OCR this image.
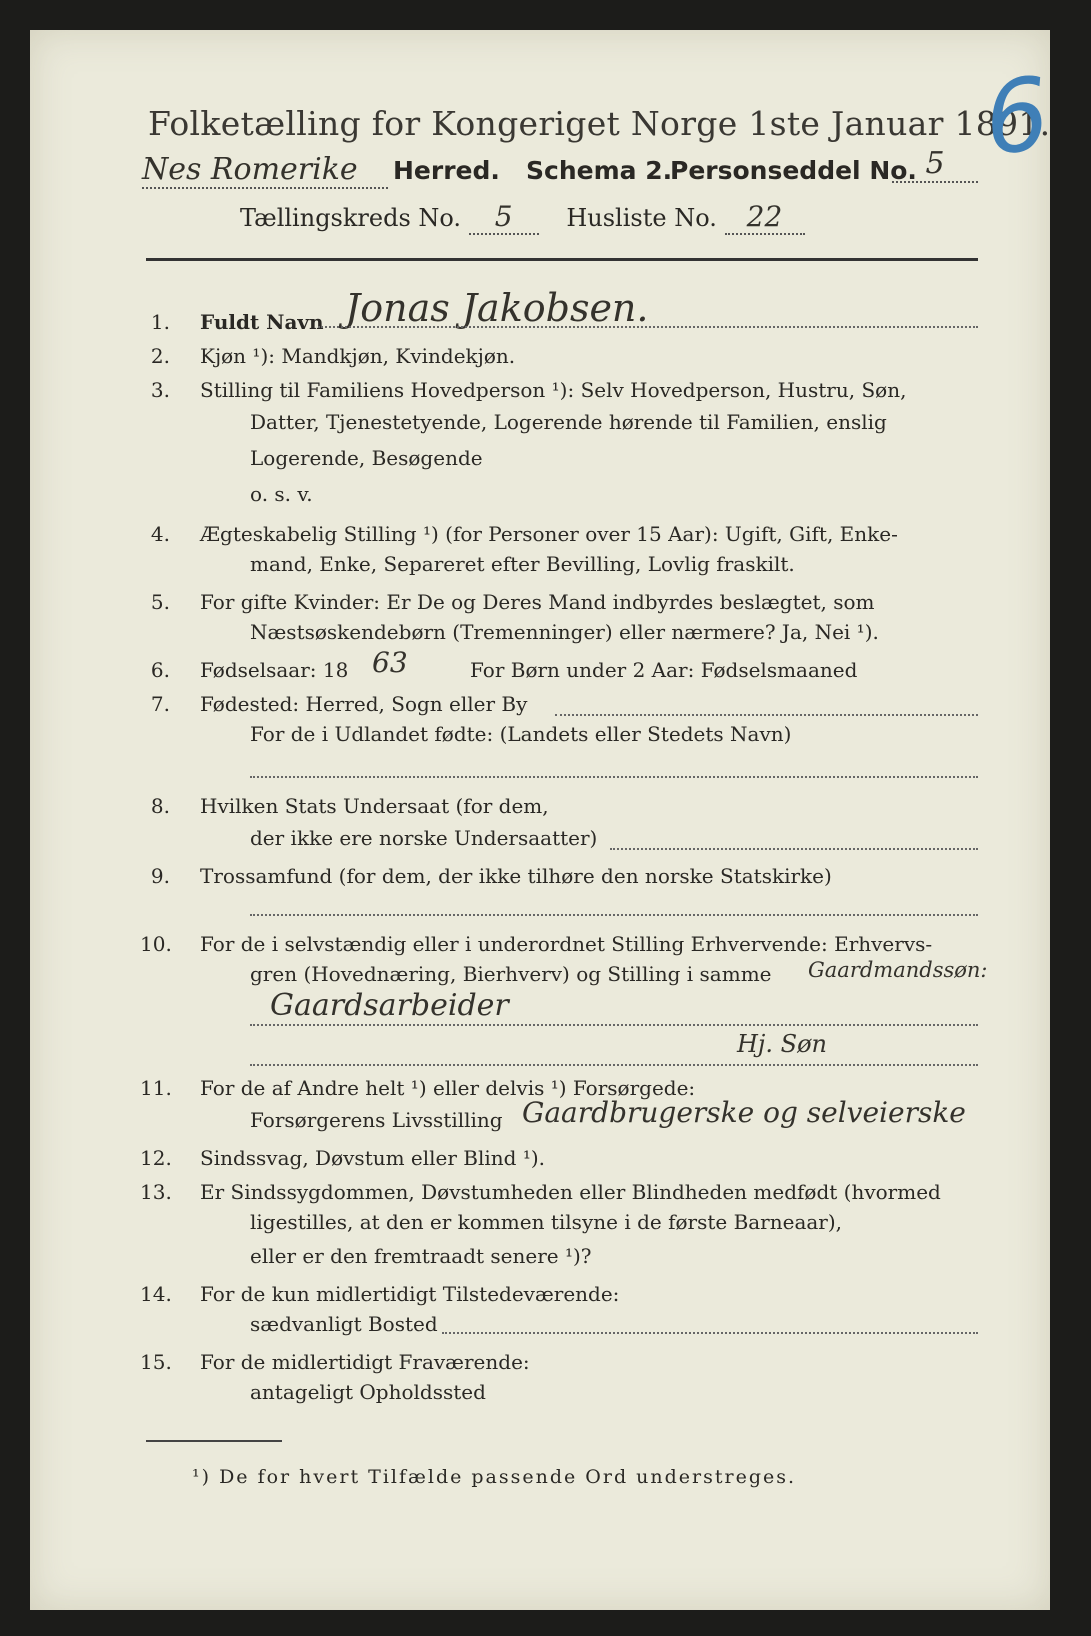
Folketælling for Kongeriget Norge 1ste Januar 1891.
6
Nes Romerike	Herred. Schema 2.
Personseddel No. 5
Tællingskreds No. 5 Husliste No. 22
1. Fuldt Navn Jonas Jakobsen.
2. Kjøn ¹): Mandkjøn, Kvindekjøn.
3. Stilling til Familiens Hovedperson ¹): Selv Hovedperson, Hustru, Søn,
Datter, Tjenestetyende, Logerende hørende til Familien, enslig
Logerende, Besøgende
o. s. v.
4. Ægteskabelig Stilling ¹) (for Personer over 15 Aar): Ugift, Gift, Enke-
mand, Enke, Separeret efter Bevilling, Lovlig fraskilt.
5. For gifte Kvinder: Er De og Deres Mand indbyrdes beslægtet, som
Næstsøskendebørn (Tremenninger) eller nærmere? Ja, Nei ¹).
6. Fødselsaar: 18 63	For Børn under 2 Aar: Fødselsmaaned
7. Fødested: Herred, Sogn eller By
For de i Udlandet fødte: (Landets eller Stedets Navn)
8. Hvilken Stats Undersaat (for dem,
der ikke ere norske Undersaatter)
9. Trossamfund (for dem, der ikke tilhøre den norske Statskirke)
10. For de i selvstændig eller i underordnet Stilling Erhvervende: Erhvervs-
gren (Hovednæring, Bierhverv) og Stilling i samme Gaardmandssøn:
Gaardsarbeider
Hj. Søn
11. For de af Andre helt ¹) eller delvis ¹) Forsørgede:
Forsørgerens Livsstilling Gaardbrugerske og selveierske
12. Sindssvag, Døvstum eller Blind ¹).
13. Er Sindssygdommen, Døvstumheden eller Blindheden medfødt (hvormed
ligestilles, at den er kommen tilsyne i de første Barneaar),
eller er den fremtraadt senere ¹)?
14. For de kun midlertidigt Tilstedeværende:
sædvanligt Bosted
15. For de midlertidigt Fraværende:
antageligt Opholdssted
¹) De for hvert Tilfælde passende Ord understreges.
